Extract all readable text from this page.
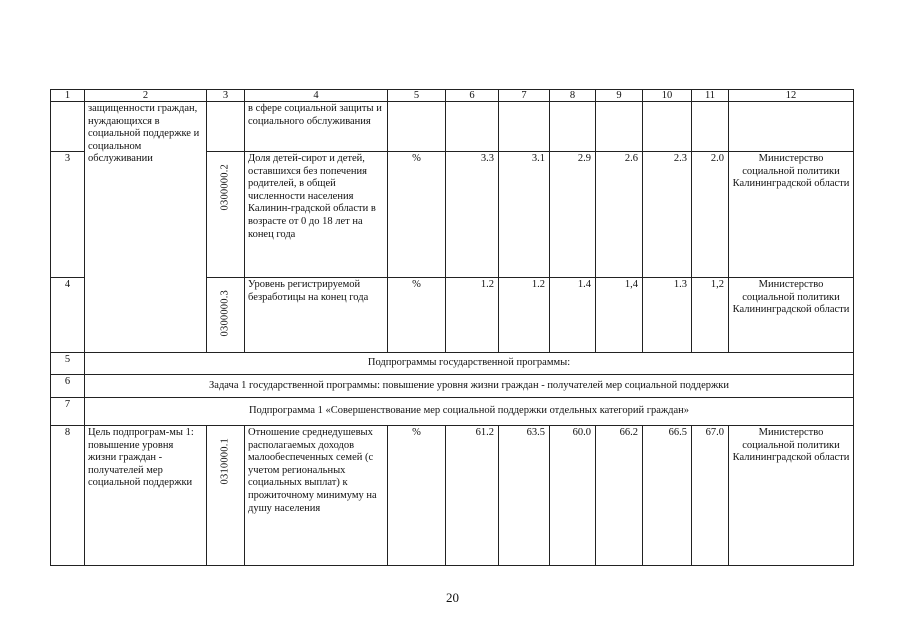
1	2	3	4	5	6	7	8	9	10	11	12
	защищенности граждан, нуждающихся в социальной поддержке и социальном обслуживании		в сфере социальной защиты и социального обслуживания								
3		0300000.2	Доля детей-сирот и детей, оставшихся без попечения родителей, в общей численности населения Калинин-градской области в возрасте от 0 до 18 лет на конец года	%	3.3	3.1	2.9	2.6	2.3	2.0	Министерство социальной политики Калининградской области
4		0300000.3	Уровень регистрируемой безработицы на конец года	%	1.2	1.2	1.4	1,4	1.3	1,2	Министерство социальной политики Калининградской области
5	Подпрограммы государственной программы:										
6	Задача 1 государственной программы: повышение уровня жизни граждан - получателей мер социальной поддержки										
7	Подпрограмма 1 «Совершенствование мер социальной поддержки отдельных категорий граждан»										
8	Цель подпрограм-мы 1: повышение уровня жизни граждан - получателей мер социальной поддержки	0310000.1	Отношение среднедушевых располагаемых доходов малообеспеченных семей (с учетом региональных социальных выплат) к прожиточному минимуму на душу населения	%	61.2	63.5	60.0	66.2	66.5	67.0	Министерство социальной политики Калининградской области
20
